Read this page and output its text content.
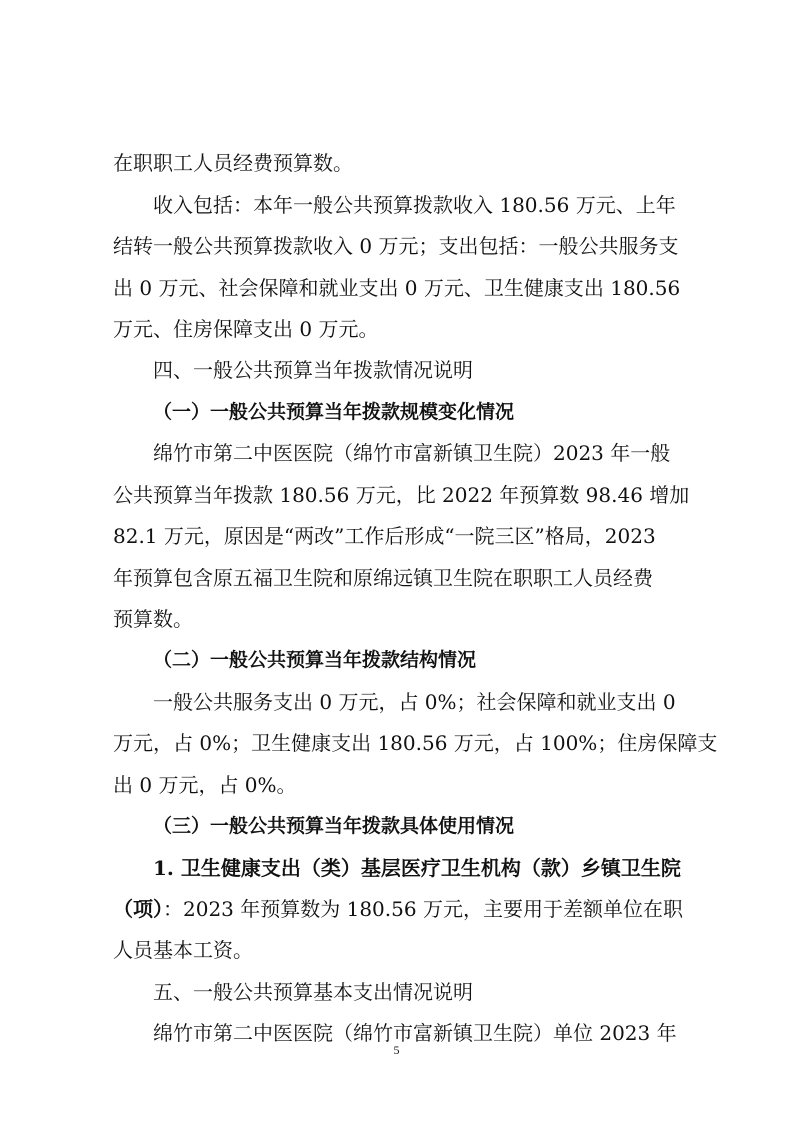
在职职工人员经费预算数。
收入包括：本年一般公共预算拨款收入 180.56 万元、上年
结转一般公共预算拨款收入 0 万元；支出包括：一般公共服务支
出 0 万元、社会保障和就业支出 0 万元、卫生健康支出 180.56
万元、住房保障支出 0 万元。
四、一般公共预算当年拨款情况说明
（一）一般公共预算当年拨款规模变化情况
绵竹市第二中医医院（绵竹市富新镇卫生院）2023 年一般
公共预算当年拨款 180.56 万元，比 2022 年预算数 98.46 增加
82.1 万元，原因是“两改”工作后形成“一院三区”格局，2023
年预算包含原五福卫生院和原绵远镇卫生院在职职工人员经费
预算数。
（二）一般公共预算当年拨款结构情况
一般公共服务支出 0 万元，占 0%；社会保障和就业支出 0
万元，占 0%；卫生健康支出 180.56 万元，占 100%；住房保障支
出 0 万元，占 0%。
（三）一般公共预算当年拨款具体使用情况
1. 卫生健康支出（类）基层医疗卫生机构（款）乡镇卫生院
（项）：2023 年预算数为 180.56 万元，主要用于差额单位在职
人员基本工资。
五、一般公共预算基本支出情况说明
绵竹市第二中医医院（绵竹市富新镇卫生院）单位 2023 年
5
